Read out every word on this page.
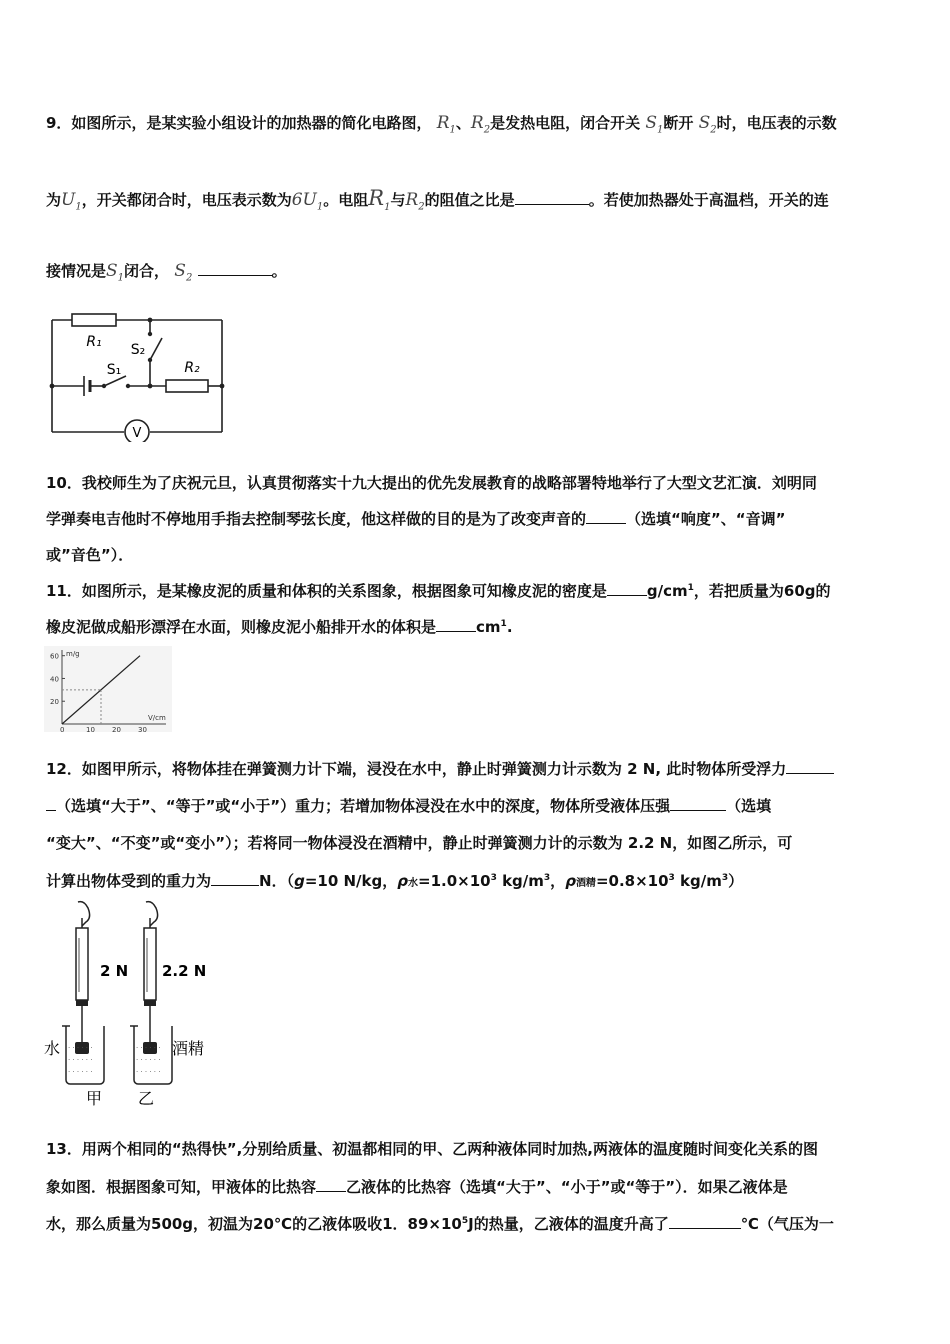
9．如图所示，是某实验小组设计的加热器的简化电路图， $R_1$、$R_2$是发热电阻，闭合开关 $S_1$断开 $S_2$时，电压表的示数
为$U_1$，开关都闭合时，电压表示数为$6U_1$。电阻$R_1$与$R_2$的阻值之比是	。若使加热器处于高温档，开关的连
接情况是$S_1$闭合， $S_2$	。
R₁
R₂
S₁
S₂
V
10．我校师生为了庆祝元旦，认真贯彻落实十九大提出的优先发展教育的战略部署特地举行了大型文艺汇演．刘明同
学弹奏电吉他时不停地用手指去控制琴弦长度，他这样做的目的是为了改变声音的	（选填“响度”、“音调”
或”音色”）．
11．如图所示，是某橡皮泥的质量和体积的关系图象，根据图象可知橡皮泥的密度是	$g/cm^1$，若把质量为60g的
橡皮泥做成船形漂浮在水面，则橡皮泥小船排开水的体积是	$cm^1$.
m/g
V/cm
0	10 20 30
20
40
60
12．如图甲所示，将物体挂在弹簧测力计下端，浸没在水中，静止时弹簧测力计示数为 2 N, 此时物体所受浮力
（选填“大于”、“等于”或“小于”）重力；若增加物体浸没在水中的深度，物体所受液体压强	（选填
“变大”、“不变”或“变小”）；若将同一物体浸没在酒精中，静止时弹簧测力计的示数为 2.2 N，如图乙所示，可
计算出物体受到的重力为	N．（g=10 N/kg，ρ水$=1.0\times 10^3$ $kg/m^3$，ρ酒精$=0.8\times 10^3$ $kg/m^3$）
· · · · · ·
· · · · · ·
· · · · · ·
· · · · · ·
· · · · · ·
· · · · · ·
2 N 2.2 N
水	酒精
甲 乙
13．用两个相同的“热得快”,分别给质量、初温都相同的甲、乙两种液体同时加热,两液体的温度随时间变化关系的图
象如图．根据图象可知，甲液体的比热容 乙液体的比热容（选填“大于”、“小于”或“等于”）．如果乙液体是
水，那么质量为500g，初温为20℃的乙液体吸收1．$89\times 10^5J$的热量，乙液体的温度升高了	℃（气压为一
